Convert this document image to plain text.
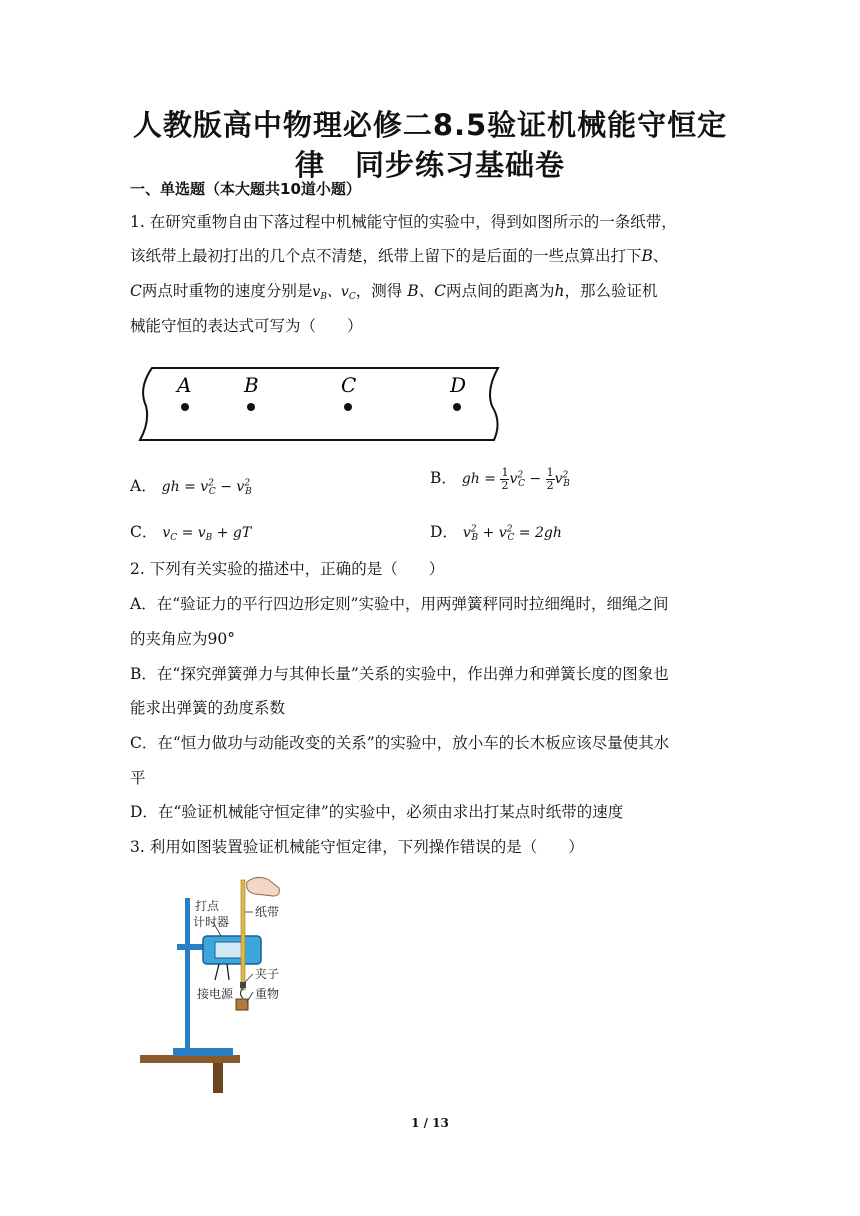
人教版高中物理必修二8.5验证机械能守恒定
律　同步练习基础卷
一、单选题（本大题共10道小题）
1. 在研究重物自由下落过程中机械能守恒的实验中，得到如图所示的一条纸带，
该纸带上最初打出的几个点不清楚，纸带上留下的是后面的一些点算出打下B、
C两点时重物的速度分别是$v_B$、$v_C$，测得 B、C两点间的距离为h，那么验证机
械能守恒的表达式可写为（　　）
A	B	C	D
A． gh = $v^2_C - v^2_B$
B． gh = $\frac{1}{2} v^2_C - \frac{1}{2} v^2_B$
C． $v_C = v_B$ + gT	D． $v^2_B + v^2_C = 2gh$
2. 下列有关实验的描述中，正确的是（　　）
A．在“验证力的平行四边形定则”实验中，用两弹簧秤同时拉细绳时，细绳之间
的夹角应为90°
B．在“探究弹簧弹力与其伸长量”关系的实验中，作出弹力和弹簧长度的图象也
能求出弹簧的劲度系数
C．在“恒力做功与动能改变的关系”的实验中，放小车的长木板应该尽量使其水
平
D．在“验证机械能守恒定律”的实验中，必须由求出打某点时纸带的速度
3. 利用如图装置验证机械能守恒定律，下列操作错误的是（　　）
打点
计时器
纸带
夹子
接电源 重物
1 / 13
